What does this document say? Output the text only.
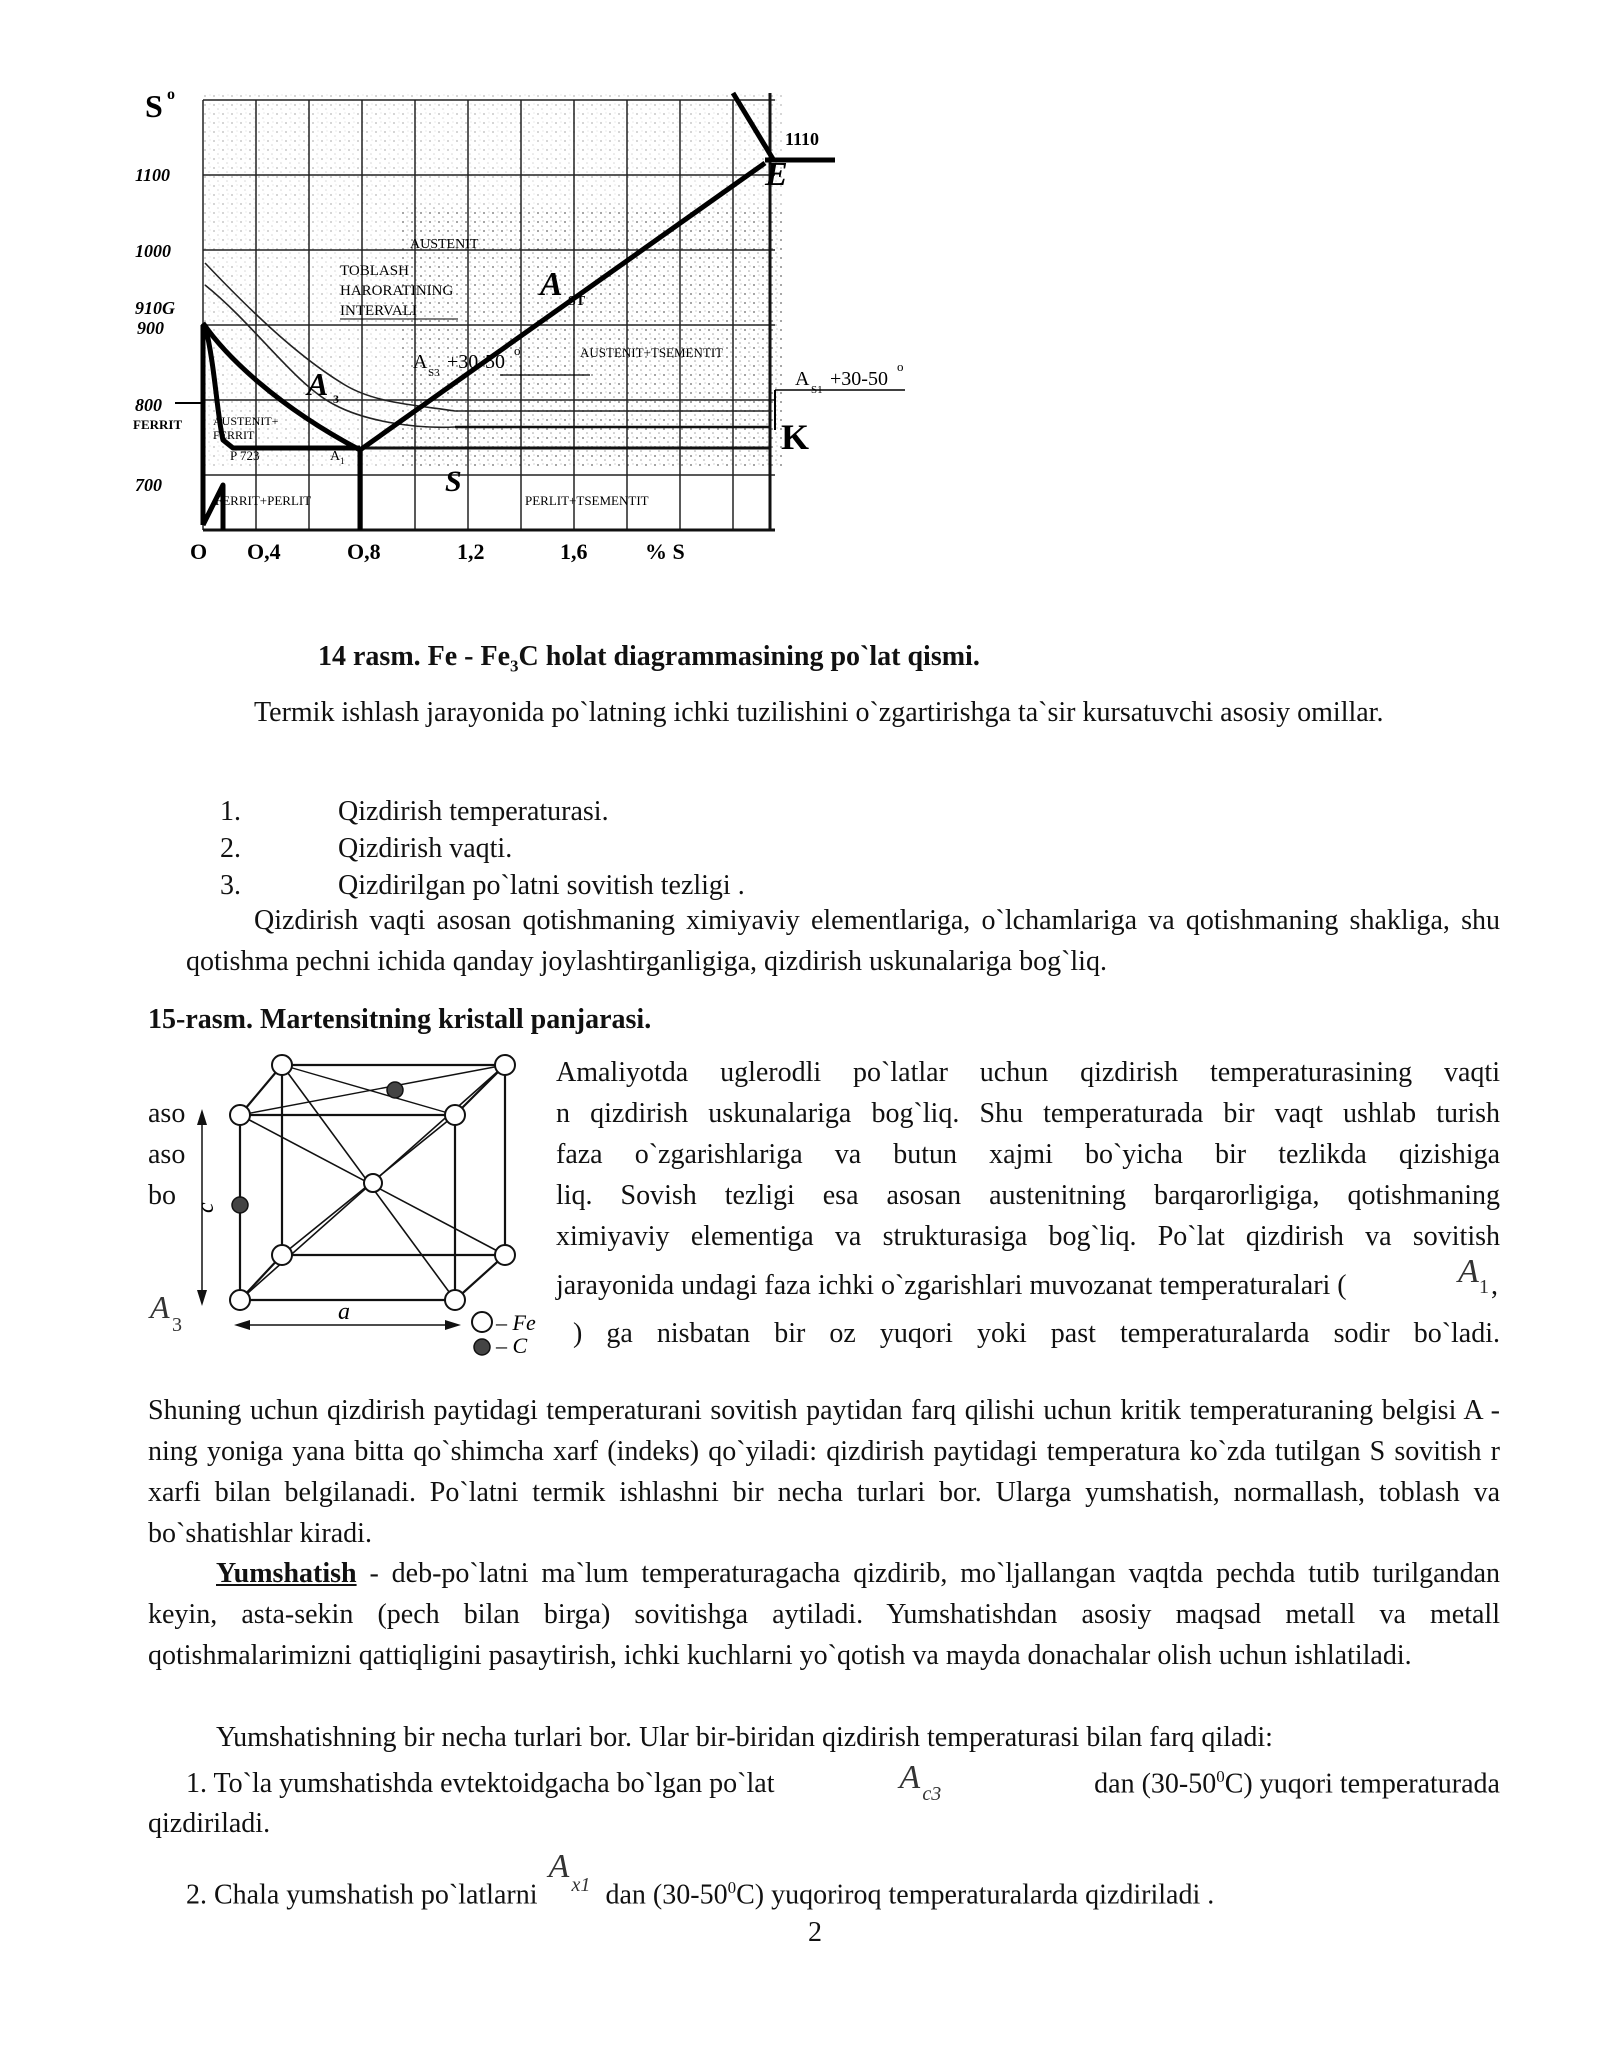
S o
1100
1000
910G
900
800
FERRIT
700
O O,4	O,8	1,2	1,6	% S
1110
E
S
K
AUSTENIT
TOBLASH
HARORATINING
INTERVALI
A ST
A S3 +30-50
o	AUSTENIT+TSEMENTIT
A S1 +30-50
o
A 3
AUSTENIT+
FERRIT
P 723	A 1
FERRIT+PERLIT	PERLIT+TSEMENTIT
14 rasm. Fe - $Fe_3C$ holat diagrammasining po`lat qismi.
Termik ishlash jarayonida po`latning ichki tuzilishini o`zgartirishga ta`sir kursatuvchi asosiy omillar.
1.	Qizdirish temperaturasi.
2.	Qizdirish vaqti.
3.	Qizdirilgan po`latni sovitish tezligi .
Qizdirish vaqti asosan qotishmaning ximiyaviy elementlariga, o`lchamlariga va qotishmaning shakliga, shu qotishma pechni ichida qanday joylashtirganligiga, qizdirish uskunalariga bog`liq.
15-rasm. Martensitning kristall panjarasi.
c
a	– Fe
– C
Amaliyotda uglerodli po`latlar uchun qizdirish temperaturasining vaqti
aso	n qizdirish uskunalariga bog`liq. Shu temperaturada bir vaqt ushlab turish
aso	faza o`zgarishlariga va butun xajmi bo`yicha bir tezlikda qizishiga
bo	liq. Sovish tezligi esa asosan austenitning barqarorligiga, qotishmaning
ximiyaviy elementiga va strukturasiga bog`liq. Po`lat qizdirish va sovitish
jarayonida undagi faza ichki o`zgarishlari muvozanat temperaturalari (	A 1 ,
A 3	) ga nisbatan bir oz yuqori yoki past temperaturalarda sodir bo`ladi.
Shuning uchun qizdirish paytidagi temperaturani sovitish paytidan farq qilishi uchun kritik temperaturaning belgisi A - ning yoniga yana bitta qo`shimcha xarf (indeks) qo`yiladi: qizdirish paytidagi temperatura ko`zda tutilgan S sovitish r xarfi bilan belgilanadi. Po`latni termik ishlashni bir necha turlari bor. Ularga yumshatish, normallash, toblash va bo`shatishlar kiradi.
Yumshatish - deb-po`latni ma`lum temperaturagacha qizdirib, mo`ljallangan vaqtda pechda tutib turilgandan keyin, asta-sekin (pech bilan birga) sovitishga aytiladi. Yumshatishdan asosiy maqsad metall va metall qotishmalarimizni qattiqligini pasaytirish, ichki kuchlarni yo`qotish va mayda donachalar olish uchun ishlatiladi.
Yumshatishning bir necha turlari bor. Ular bir-biridan qizdirish temperaturasi bilan farq qiladi:
1. To`la yumshatishda evtektoidgacha bo`lgan po`lat	A c3	dan $(30-50^0C)$ yuqori temperaturada
qizdiriladi.
2. Chala yumshatish po`latlarni
A x1 dan $(30-50^0C)$ yuqoriroq temperaturalarda qizdiriladi .
2
